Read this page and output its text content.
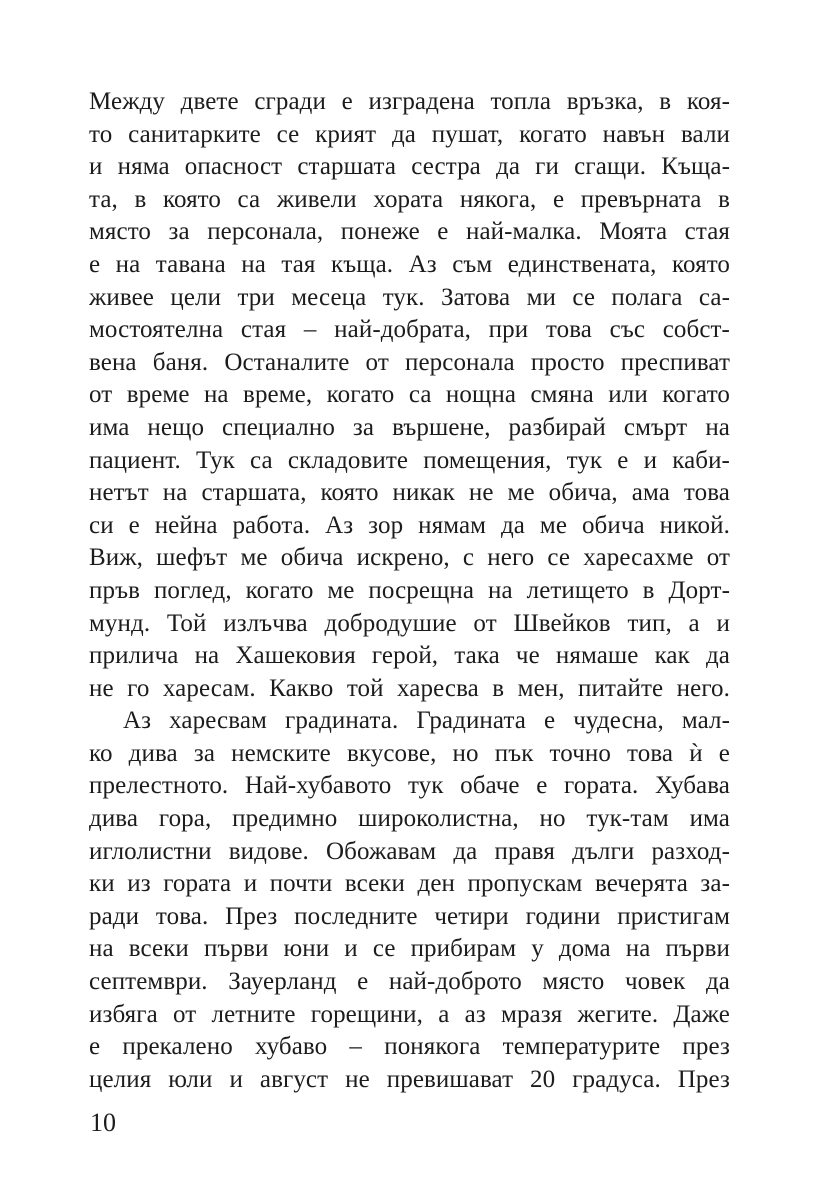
Между двете сгради е изградена топла връзка, в коя-
то санитарките се крият да пушат, когато навън вали
и няма опасност старшата сестра да ги сгащи. Къща-
та, в която са живели хората някога, е превърната в
място за персонала, понеже е най-малка. Моята стая
е на тавана на тая къща. Аз съм единствената, която
живее цели три месеца тук. Затова ми се полага са-
мостоятелна стая – най-добрата, при това със собст-
вена баня. Останалите от персонала просто преспиват
от време на време, когато са нощна смяна или когато
има нещо специално за вършене, разбирай смърт на
пациент. Тук са складовите помещения, тук е и каби-
нетът на старшата, която никак не ме обича, ама това
си е нейна работа. Аз зор нямам да ме обича никой.
Виж, шефът ме обича искрено, с него се харесахме от
пръв поглед, когато ме посрещна на летището в Дорт-
мунд. Той излъчва добродушие от Швейков тип, а и
прилича на Хашековия герой, така че нямаше как да
не го харесам. Какво той харесва в мен, питайте него.
Аз харесвам градината. Градината е чудесна, мал-
ко дива за немските вкусове, но пък точно това ѝ е
прелестното. Най-хубавото тук обаче е гората. Хубава
дива гора, предимно широколистна, но тук-там има
иглолистни видове. Обожавам да правя дълги разход-
ки из гората и почти всеки ден пропускам вечерята за-
ради това. През последните четири години пристигам
на всеки първи юни и се прибирам у дома на първи
септември. Зауерланд е най-доброто място човек да
избяга от летните горещини, а аз мразя жегите. Даже
е прекалено хубаво – понякога температурите през
целия юли и август не превишават 20 градуса. През
10
